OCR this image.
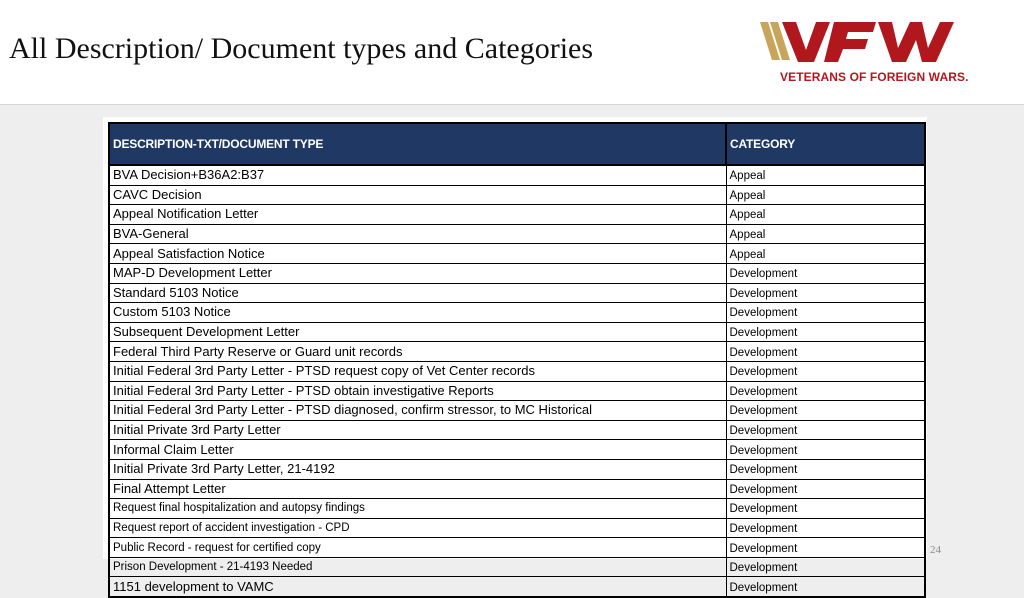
All Description/ Document types and Categories
VETERANS OF FOREIGN WARS.
DESCRIPTION-TXT/DOCUMENT TYPE	CATEGORY
BVA Decision+B36A2:B37	Appeal
CAVC Decision	Appeal
Appeal Notification Letter	Appeal
BVA-General	Appeal
Appeal Satisfaction Notice	Appeal
MAP-D Development Letter	Development
Standard 5103 Notice	Development
Custom 5103 Notice	Development
Subsequent Development Letter	Development
Federal Third Party Reserve or Guard unit records	Development
Initial Federal 3rd Party Letter - PTSD request copy of Vet Center records	Development
Initial Federal 3rd Party Letter - PTSD obtain investigative Reports	Development
Initial Federal 3rd Party Letter - PTSD diagnosed, confirm stressor, to MC Historical	Development
Initial Private 3rd Party Letter	Development
Informal Claim Letter	Development
Initial Private 3rd Party Letter, 21-4192	Development
Final Attempt Letter	Development
Request final hospitalization and autopsy findings	Development
Request report of accident investigation - CPD	Development
Public Record - request for certified copy	Development
Prison Development - 21-4193 Needed	Development
1151 development to VAMC	Development
24
